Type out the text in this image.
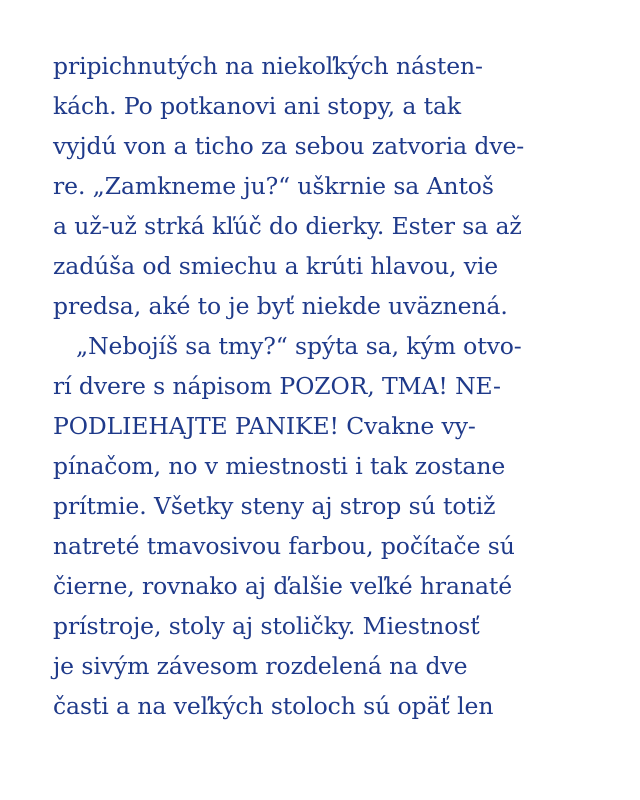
pripichnutých na niekoľkých násten-
kách. Po potkanovi ani stopy, a tak
vyjdú von a ticho za sebou zatvoria dve-
re. „Zamkneme ju?“ uškrnie sa Antoš
a už-už strká kľúč do dierky. Ester sa až
zadúša od smiechu a krúti hlavou, vie
predsa, aké to je byť niekde uväznená.
„Nebojíš sa tmy?“ spýta sa, kým otvo-
rí dvere s nápisom POZOR, TMA! NE-
PODLIEHAJTE PANIKE! Cvakne vy-
pínačom, no v miestnosti i tak zostane
prítmie. Všetky steny aj strop sú totiž
natreté tmavosivou farbou, počítače sú
čierne, rovnako aj ďalšie veľké hranaté
prístroje, stoly aj stoličky. Miestnosť
je sivým závesom rozdelená na dve
časti a na veľkých stoloch sú opäť len
